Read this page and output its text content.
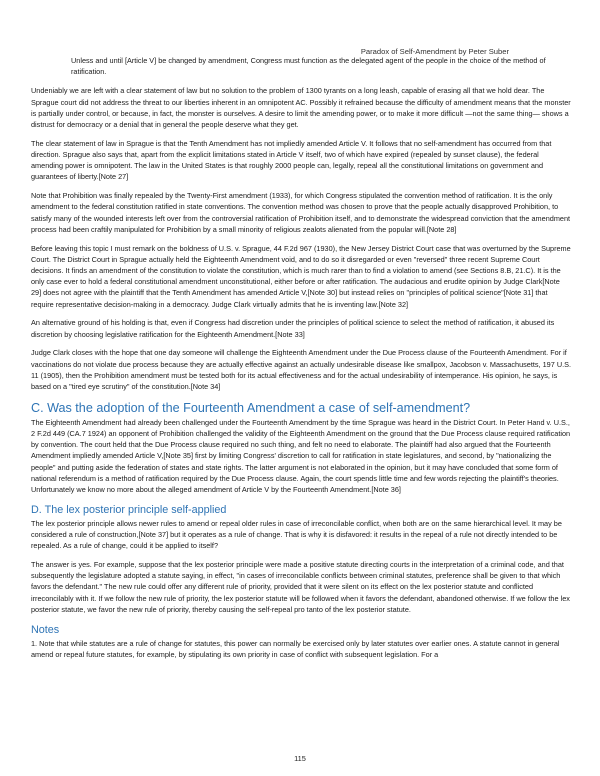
Paradox of Self-Amendment by Peter Suber

Unless and until [Article V] be changed by amendment, Congress must function as the delegated agent of the people in the choice of the method of ratification.

Undeniably we are left with a clear statement of law but no solution to the problem of 1300 tyrants on a long leash, capable of erasing all that we hold dear. The Sprague court did not address the threat to our liberties inherent in an omnipotent AC. Possibly it refrained because the difficulty of amendment means that the monster is partially under control, or because, in fact, the monster is ourselves. A desire to limit the amending power, or to make it more difficult —not the same thing— shows a distrust for democracy or a denial that in general the people deserve what they get.

The clear statement of law in Sprague is that the Tenth Amendment has not impliedly amended Article V. It follows that no self-amendment has occurred from that direction. Sprague also says that, apart from the explicit limitations stated in Article V itself, two of which have expired (repealed by sunset clause), the federal amending power is omnipotent. The law in the United States is that roughly 2000 people can, legally, repeal all the constitutional limitations on government and guarantees of liberty.[Note 27]

Note that Prohibition was finally repealed by the Twenty-First amendment (1933), for which Congress stipulated the convention method of ratification. It is the only amendment to the federal constitution ratified in state conventions. The convention method was chosen to prove that the people actually disapproved Prohibition, to satisfy many of the wounded interests left over from the controversial ratification of Prohibition itself, and to demonstrate the widespread conviction that the amendment process had been craftily manipulated for Prohibition by a small minority of religious zealots alienated from the popular will.[Note 28]

Before leaving this topic I must remark on the boldness of U.S. v. Sprague, 44 F.2d 967 (1930), the New Jersey District Court case that was overturned by the Supreme Court. The District Court in Sprague actually held the Eighteenth Amendment void, and to do so it disregarded or even "reversed" three recent Supreme Court decisions. It finds an amendment of the constitution to violate the constitution, which is much rarer than to find a violation to amend (see Sections 8.B, 21.C). It is the only case ever to hold a federal constitutional amendment unconstitutional, either before or after ratification. The audacious and erudite opinion by Judge Clark[Note 29] does not agree with the plaintiff that the Tenth Amendment has amended Article V,[Note 30] but instead relies on "principles of political science"[Note 31] that require representative decision-making in a democracy. Judge Clark virtually admits that he is inventing law.[Note 32]

An alternative ground of his holding is that, even if Congress had discretion under the principles of political science to select the method of ratification, it abused its discretion by choosing legislative ratification for the Eighteenth Amendment.[Note 33]

Judge Clark closes with the hope that one day someone will challenge the Eighteenth Amendment under the Due Process clause of the Fourteenth Amendment. For if vaccinations do not violate due process because they are actually effective against an actually undesirable disease like smallpox, Jacobson v. Massachusetts, 197 U.S. 11 (1905), then the Prohibition amendment must be tested both for its actual effectiveness and for the actual undesirability of intemperance. His opinion, he says, is based on a "tired eye scrutiny" of the constitution.[Note 34]

C. Was the adoption of the Fourteenth Amendment a case of self-amendment?

The Eighteenth Amendment had already been challenged under the Fourteenth Amendment by the time Sprague was heard in the District Court. In Peter Hand v. U.S., 2 F.2d 449 (CA.7 1924) an opponent of Prohibition challenged the validity of the Eighteenth Amendment on the ground that the Due Process clause required ratification by convention. The court held that the Due Process clause required no such thing, and felt no need to elaborate. The plaintiff had also argued that the Fourteenth Amendment impliedly amended Article V,[Note 35] first by limiting Congress' discretion to call for ratification in state legislatures, and second, by "nationalizing the people" and putting aside the federation of states and state rights. The latter argument is not elaborated in the opinion, but it may have concluded that some form of national referendum is a method of ratification required by the Due Process clause. Again, the court spends little time and few words rejecting the plaintiff's theories. Unfortunately we know no more about the alleged amendment of Article V by the Fourteenth Amendment.[Note 36]

D. The lex posterior principle self-applied

The lex posterior principle allows newer rules to amend or repeal older rules in case of irreconcilable conflict, when both are on the same hierarchical level. It may be considered a rule of construction,[Note 37] but it operates as a rule of change. That is why it is disfavored: it results in the repeal of a rule not directly intended to be repealed. As a rule of change, could it be applied to itself?

The answer is yes. For example, suppose that the lex posterior principle were made a positive statute directing courts in the interpretation of a criminal code, and that subsequently the legislature adopted a statute saying, in effect, "in cases of irreconcilable conflicts between criminal statutes, preference shall be given to that which favors the defendant." The new rule could offer any different rule of priority, provided that it were silent on its effect on the lex posterior statute and conflicted irreconcilably with it. If we follow the new rule of priority, the lex posterior statute will be followed when it favors the defendant, abandoned otherwise. If we follow the lex posterior statute, we favor the new rule of priority, thereby causing the self-repeal pro tanto of the lex posterior statute.

Notes

1. Note that while statutes are a rule of change for statutes, this power can normally be exercised only by later statutes over earlier ones. A statute cannot in general amend or repeal future statutes, for example, by stipulating its own priority in case of conflict with subsequent legislation. For a

115
